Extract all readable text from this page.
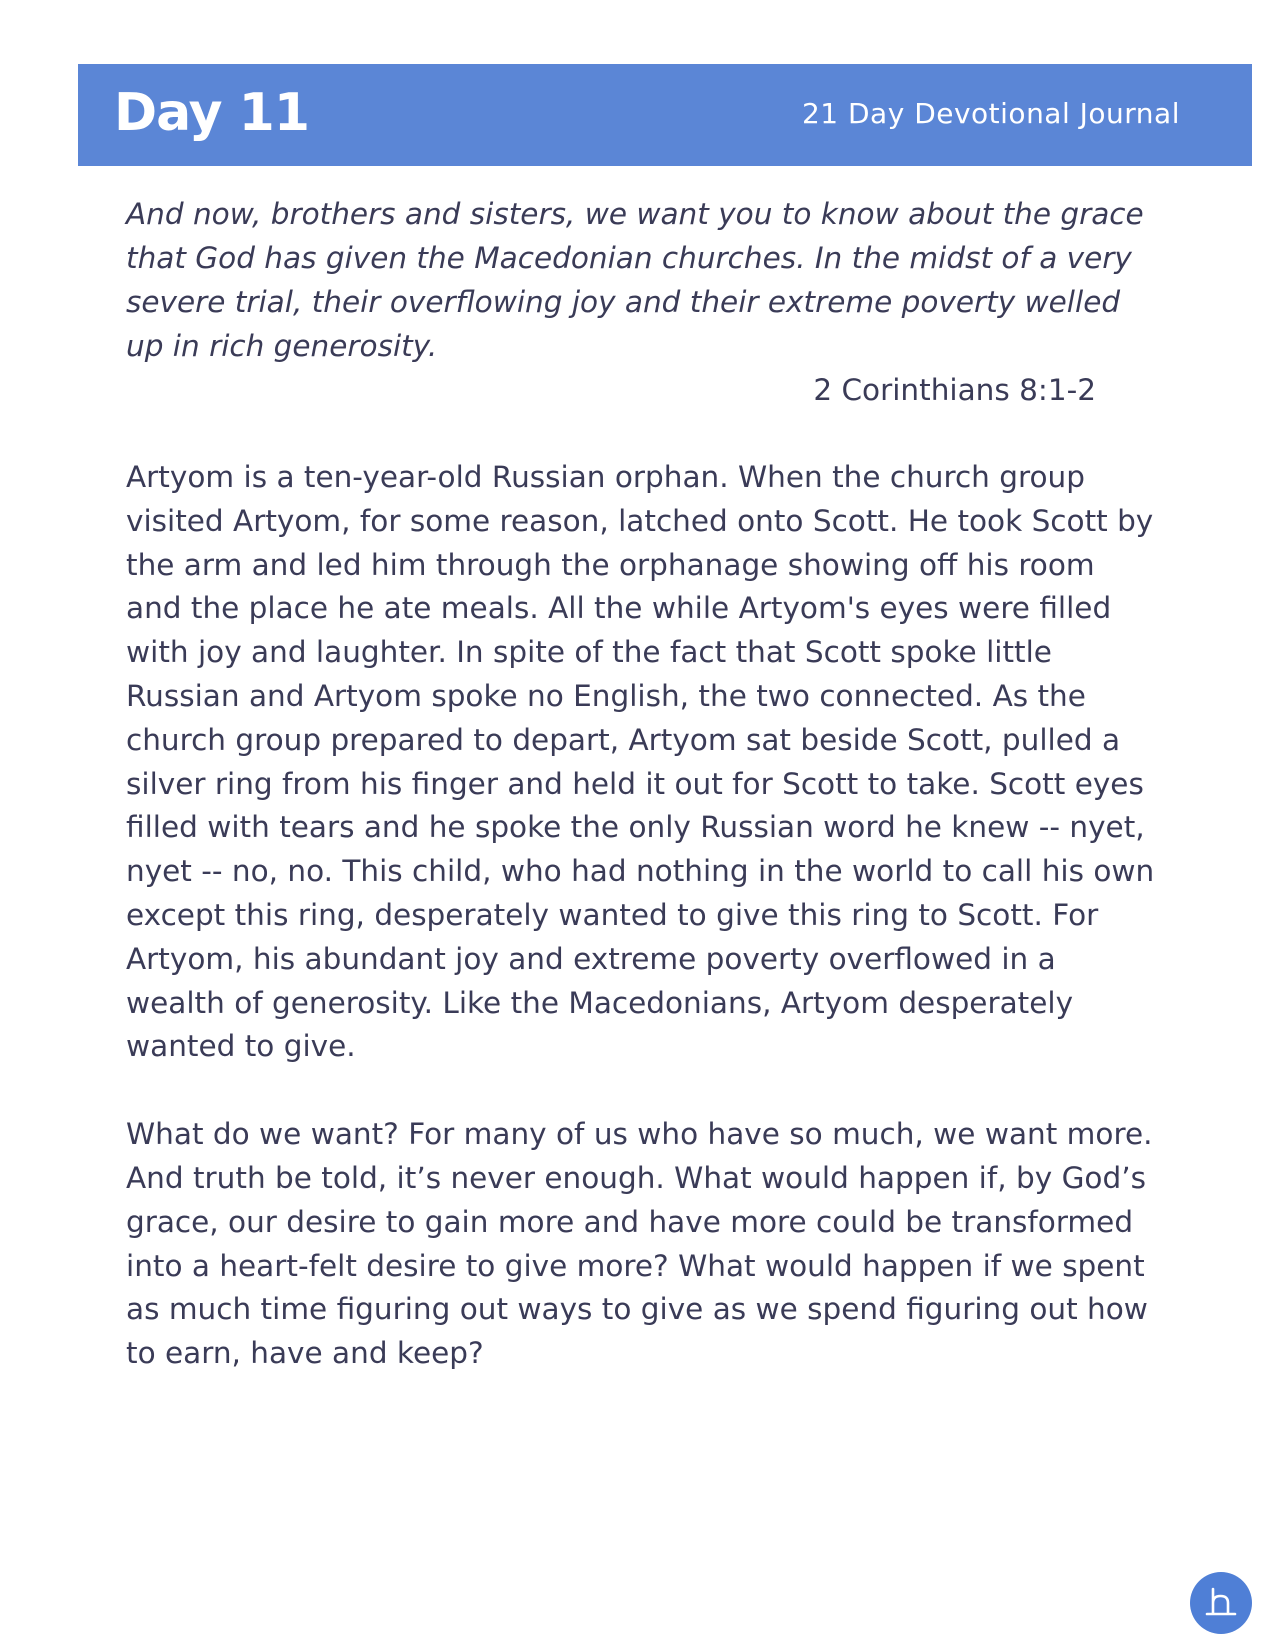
Day 11	21 Day Devotional Journal

And now, brothers and sisters, we want you to know about the grace that God has given the Macedonian churches. In the midst of a very severe trial, their overflowing joy and their extreme poverty welled up in rich generosity.

2 Corinthians 8:1-2

Artyom is a ten-year-old Russian orphan. When the church group visited Artyom, for some reason, latched onto Scott. He took Scott by the arm and led him through the orphanage showing off his room and the place he ate meals. All the while Artyom's eyes were filled with joy and laughter. In spite of the fact that Scott spoke little Russian and Artyom spoke no English, the two connected. As the church group prepared to depart, Artyom sat beside Scott, pulled a silver ring from his finger and held it out for Scott to take. Scott eyes filled with tears and he spoke the only Russian word he knew -- nyet, nyet -- no, no. This child, who had nothing in the world to call his own except this ring, desperately wanted to give this ring to Scott. For Artyom, his abundant joy and extreme poverty overflowed in a wealth of generosity. Like the Macedonians, Artyom desperately wanted to give.

What do we want? For many of us who have so much, we want more. And truth be told, it’s never enough. What would happen if, by God’s grace, our desire to gain more and have more could be transformed into a heart-felt desire to give more? What would happen if we spent as much time figuring out ways to give as we spend figuring out how to earn, have and keep?
